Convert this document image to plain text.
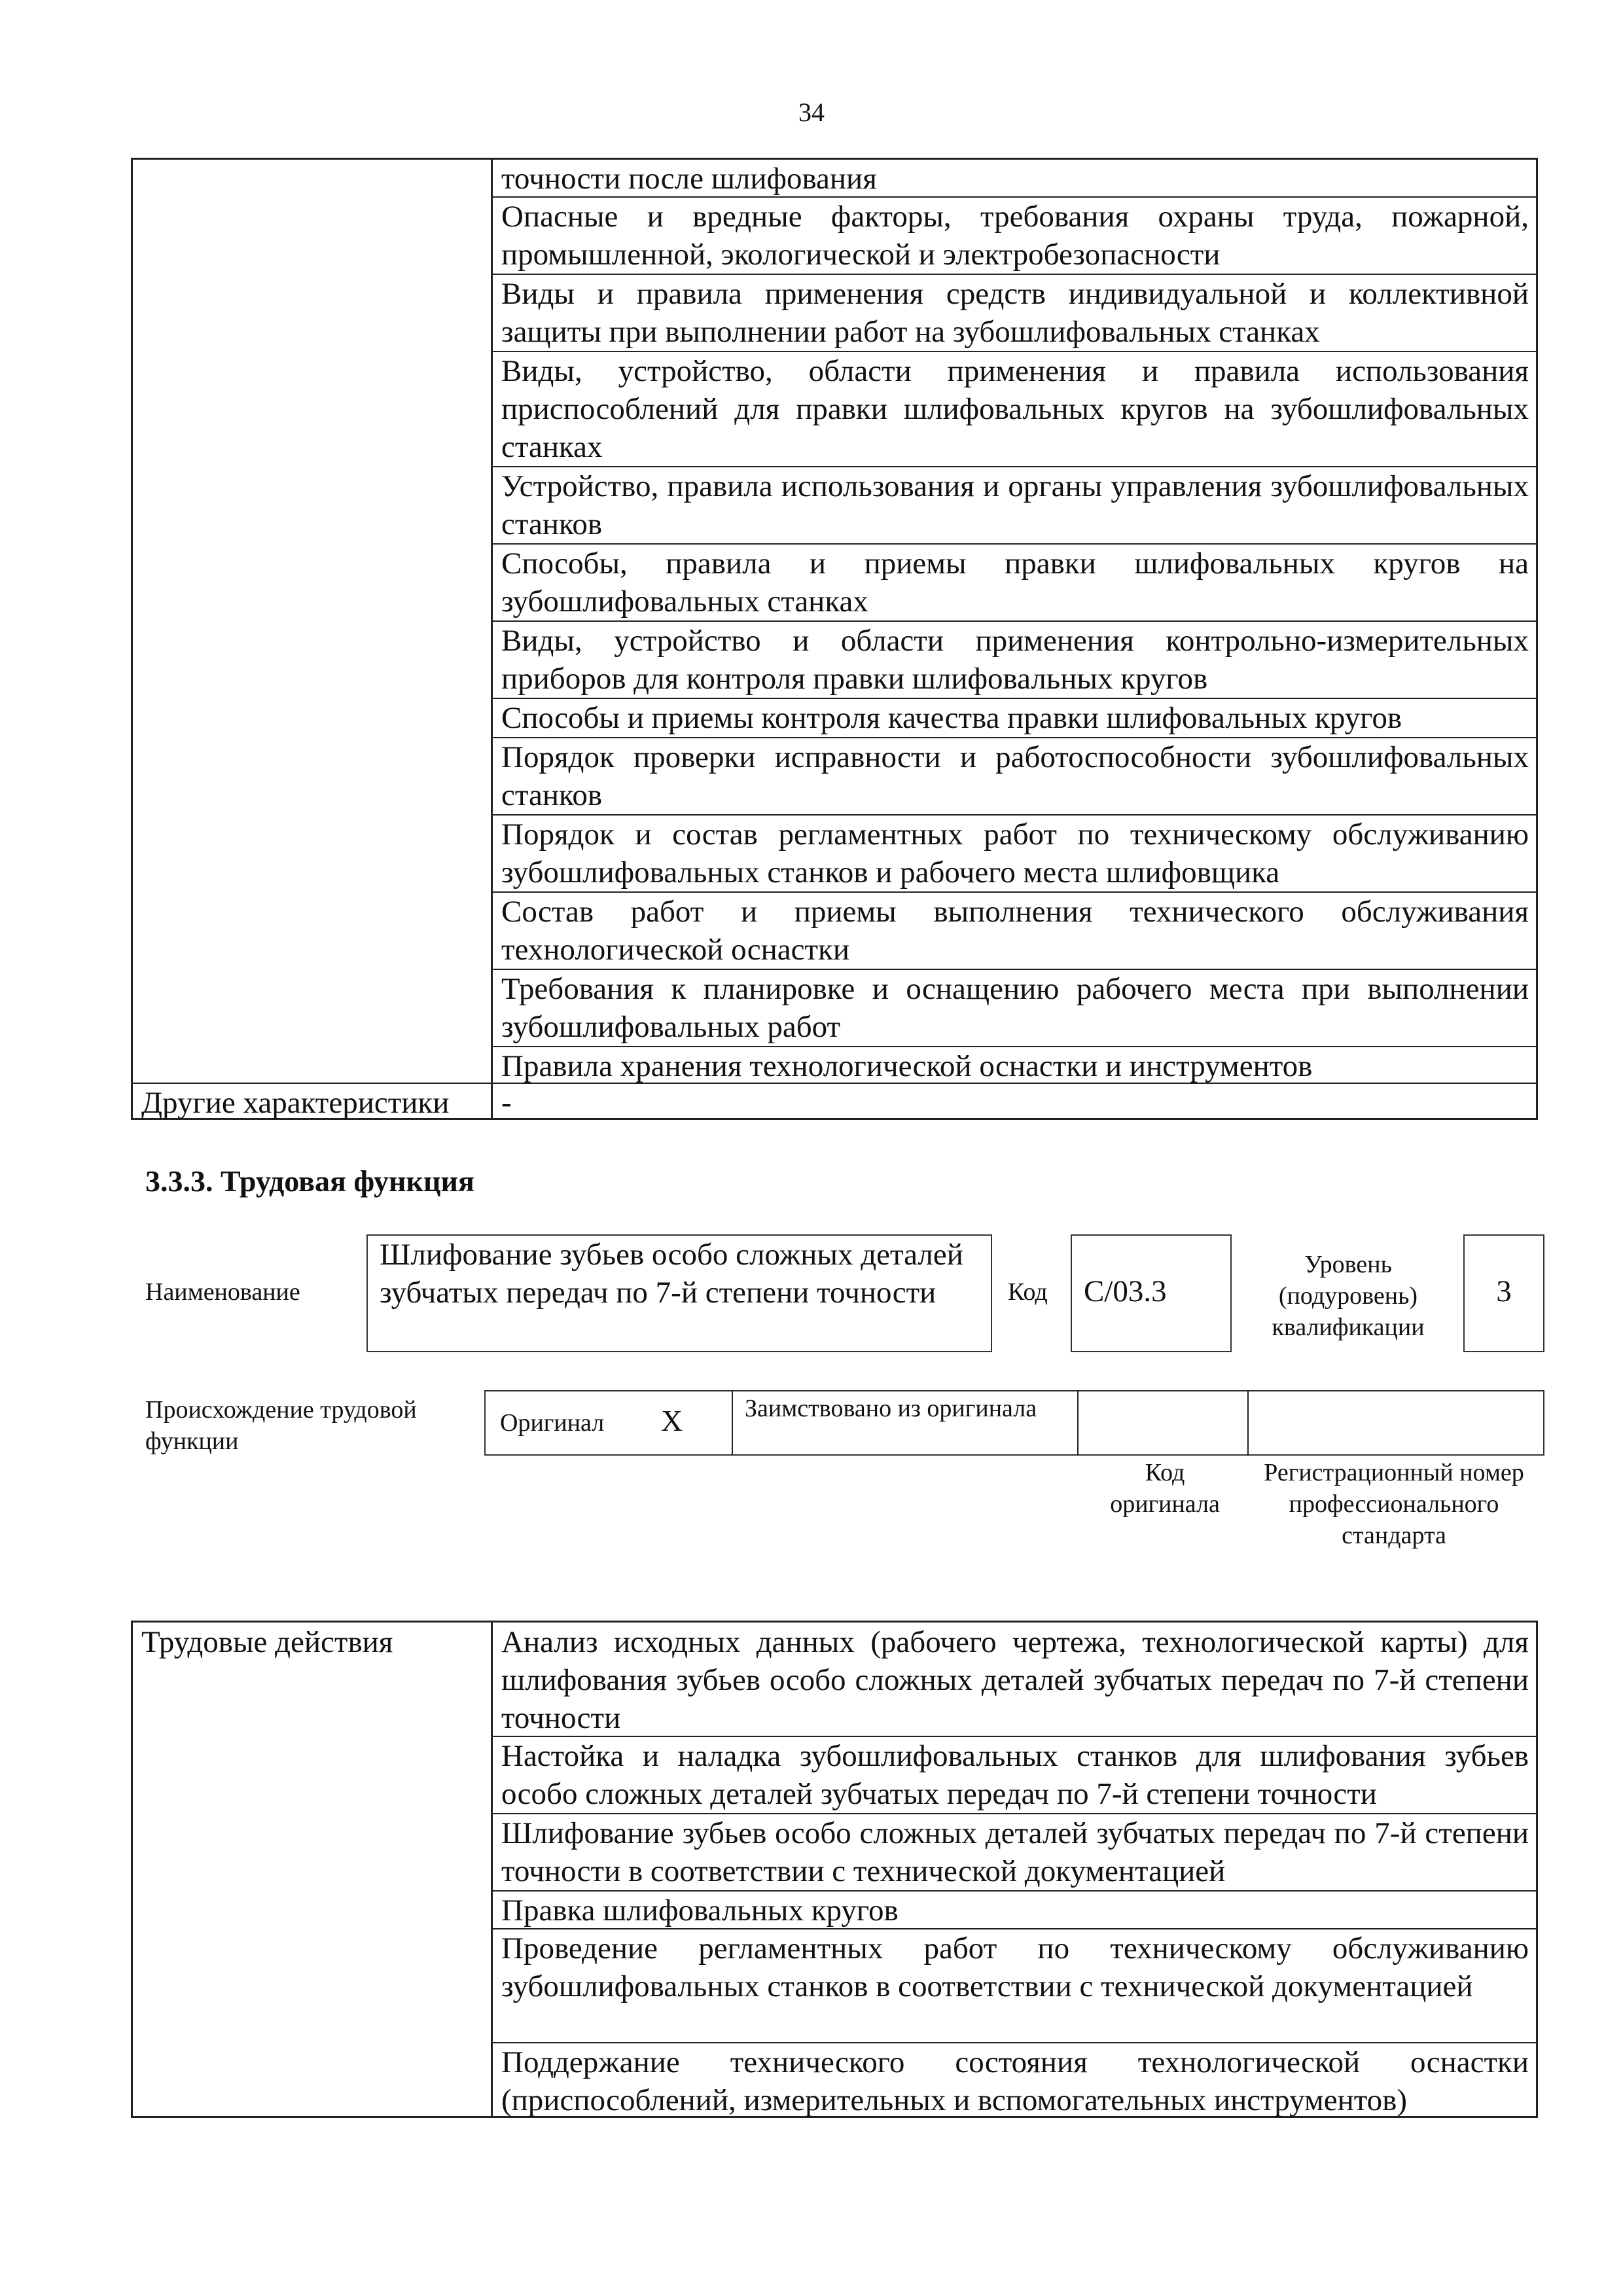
34
точности после шлифования
Опасные и вредные факторы, требования охраны труда, пожарной, промышленной, экологической и электробезопасности
Виды и правила применения средств индивидуальной и коллективной защиты при выполнении работ на зубошлифовальных станках
Виды, устройство, области применения и правила использования приспособлений для правки шлифовальных кругов на зубошлифовальных станках
Устройство, правила использования и органы управления зубошлифовальных станков
Способы, правила и приемы правки шлифовальных кругов на зубошлифовальных станках
Виды, устройство и области применения контрольно-измерительных приборов для контроля правки шлифовальных кругов
Способы и приемы контроля качества правки шлифовальных кругов
Порядок проверки исправности и работоспособности зубошлифовальных станков
Порядок и состав регламентных работ по техническому обслуживанию зубошлифовальных станков и рабочего места шлифовщика
Состав работ и приемы выполнения технического обслуживания технологической оснастки
Требования к планировке и оснащению рабочего места при выполнении зубошлифовальных работ
Правила хранения технологической оснастки и инструментов
Другие характеристики	-
3.3.3. Трудовая функция
Наименование
Шлифование зубьев особо сложных деталей зубчатых передач по 7-й степени точности	Код C/03.3
Уровень (подуровень) квалификации
3
Происхождение трудовой функции
Оригинал X Заимствовано из оригинала
Код оригинала
Регистрационный номер профессионального стандарта
Трудовые действия	Анализ исходных данных (рабочего чертежа, технологической карты) для шлифования зубьев особо сложных деталей зубчатых передач по 7-й степени точности
Настойка и наладка зубошлифовальных станков для шлифования зубьев особо сложных деталей зубчатых передач по 7-й степени точности
Шлифование зубьев особо сложных деталей зубчатых передач по 7-й степени точности в соответствии с технической документацией
Правка шлифовальных кругов
Проведение регламентных работ по техническому обслуживанию зубошлифовальных станков в соответствии с технической документацией
Поддержание технического состояния технологической оснастки (приспособлений, измерительных и вспомогательных инструментов)
